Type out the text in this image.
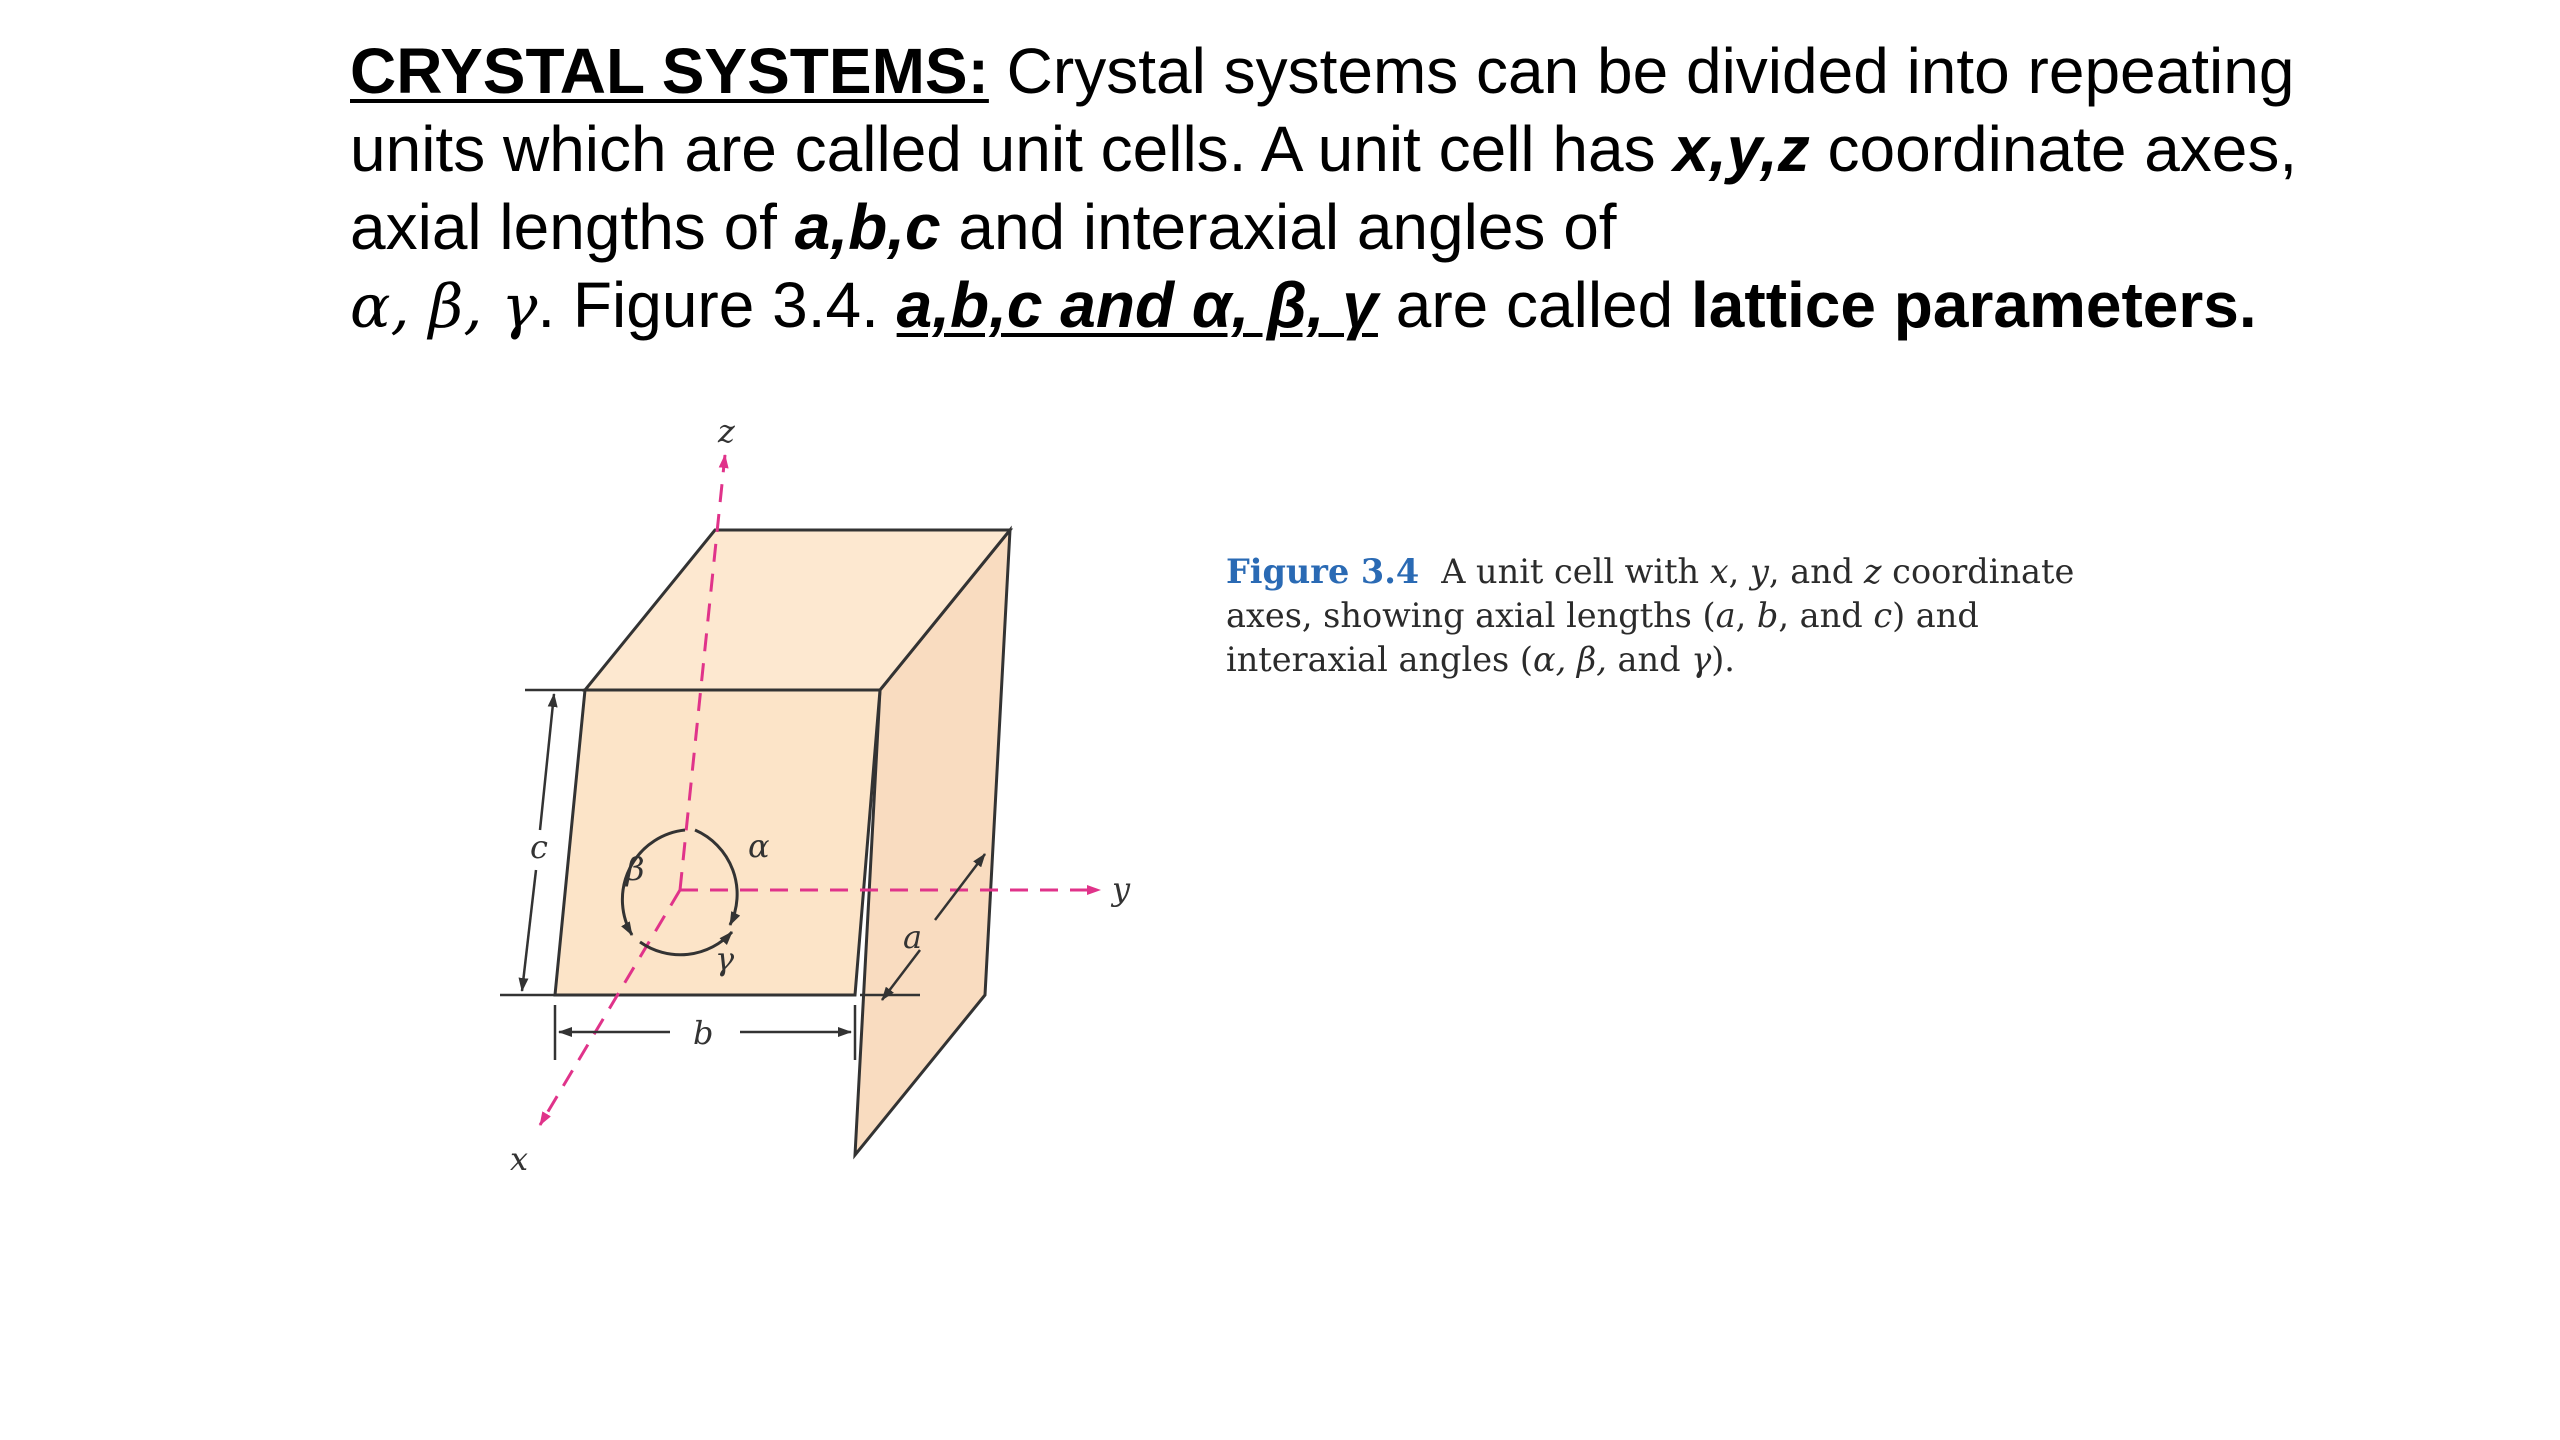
CRYSTAL SYSTEMS: Crystal systems can be divided into repeating units which are called unit cells. A unit cell has x,y,z coordinate axes, axial lengths of a,b,c and interaxial angles of
α, β, γ. Figure 3.4. a,b,c and α, β, γ are called lattice parameters.

z
y
x
c
b
a
α
β
γ

Figure 3.4 A unit cell with x, y, and z coordinate axes, showing axial lengths (a, b, and c) and interaxial angles (α, β, and γ).
